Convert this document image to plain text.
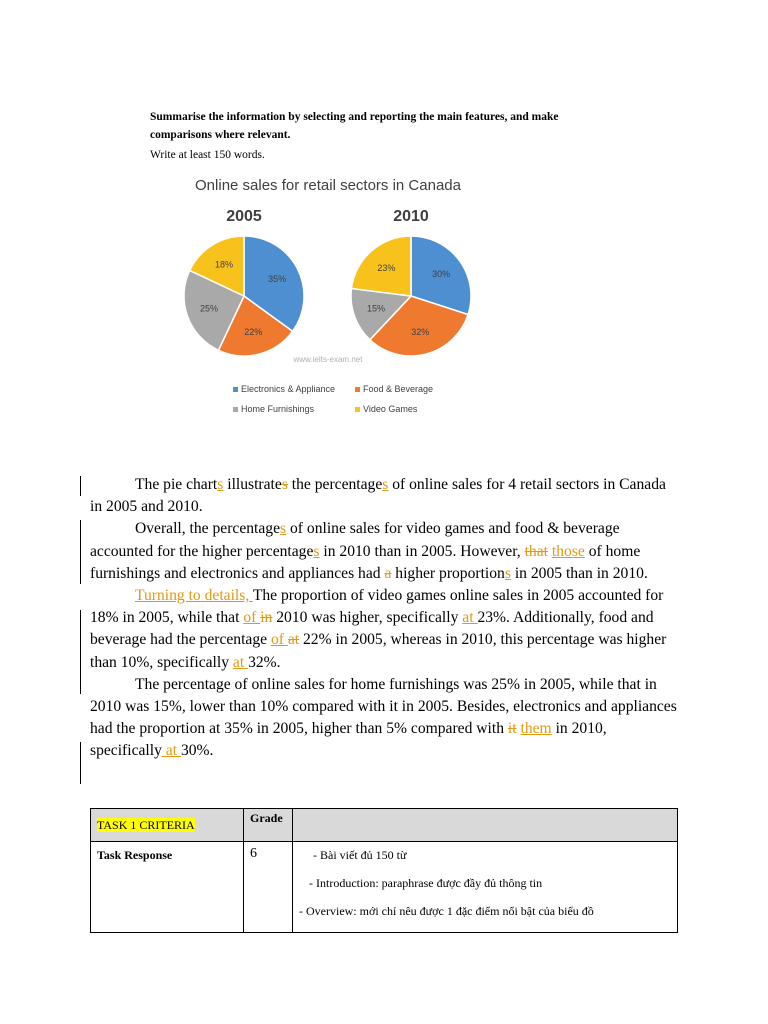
Summarise the information by selecting and reporting the main features, and make
comparisons where relevant.
Write at least 150 words.
Online sales for retail sectors in Canada
2005
35%
22%
25%
18%
2010
30%
32%
15%
23%
www.ielts-exam.net
Electronics & Appliance	Food & Beverage
Home Furnishings	Video Games

The pie charts illustrates the percentages of online sales for 4 retail sectors in Canada in 2005 and 2010.

Overall, the percentages of online sales for video games and food & beverage accounted for the higher percentages in 2010 than in 2005. However, that those of home furnishings and electronics and appliances had a higher proportions in 2005 than in 2010.

Turning to details, The proportion of video games online sales in 2005 accounted for 18% in 2005, while that of in 2010 was higher, specifically at 23%. Additionally, food and beverage had the percentage of at 22% in 2005, whereas in 2010, this percentage was higher than 10%, specifically at 32%.

The percentage of online sales for home furnishings was 25% in 2005, while that in 2010 was 15%, lower than 10% compared with it in 2005. Besides, electronics and appliances had the proportion at 35% in 2005, higher than 5% compared with it them in 2010, specifically at 30%.

TASK 1 CRITERIA	Grade	
Task Response	6	- Bài viết đủ 150 từ
- Introduction: paraphrase được đầy đủ thông tin
- Overview: mới chỉ nêu được 1 đặc điểm nổi bật của biểu đồ
